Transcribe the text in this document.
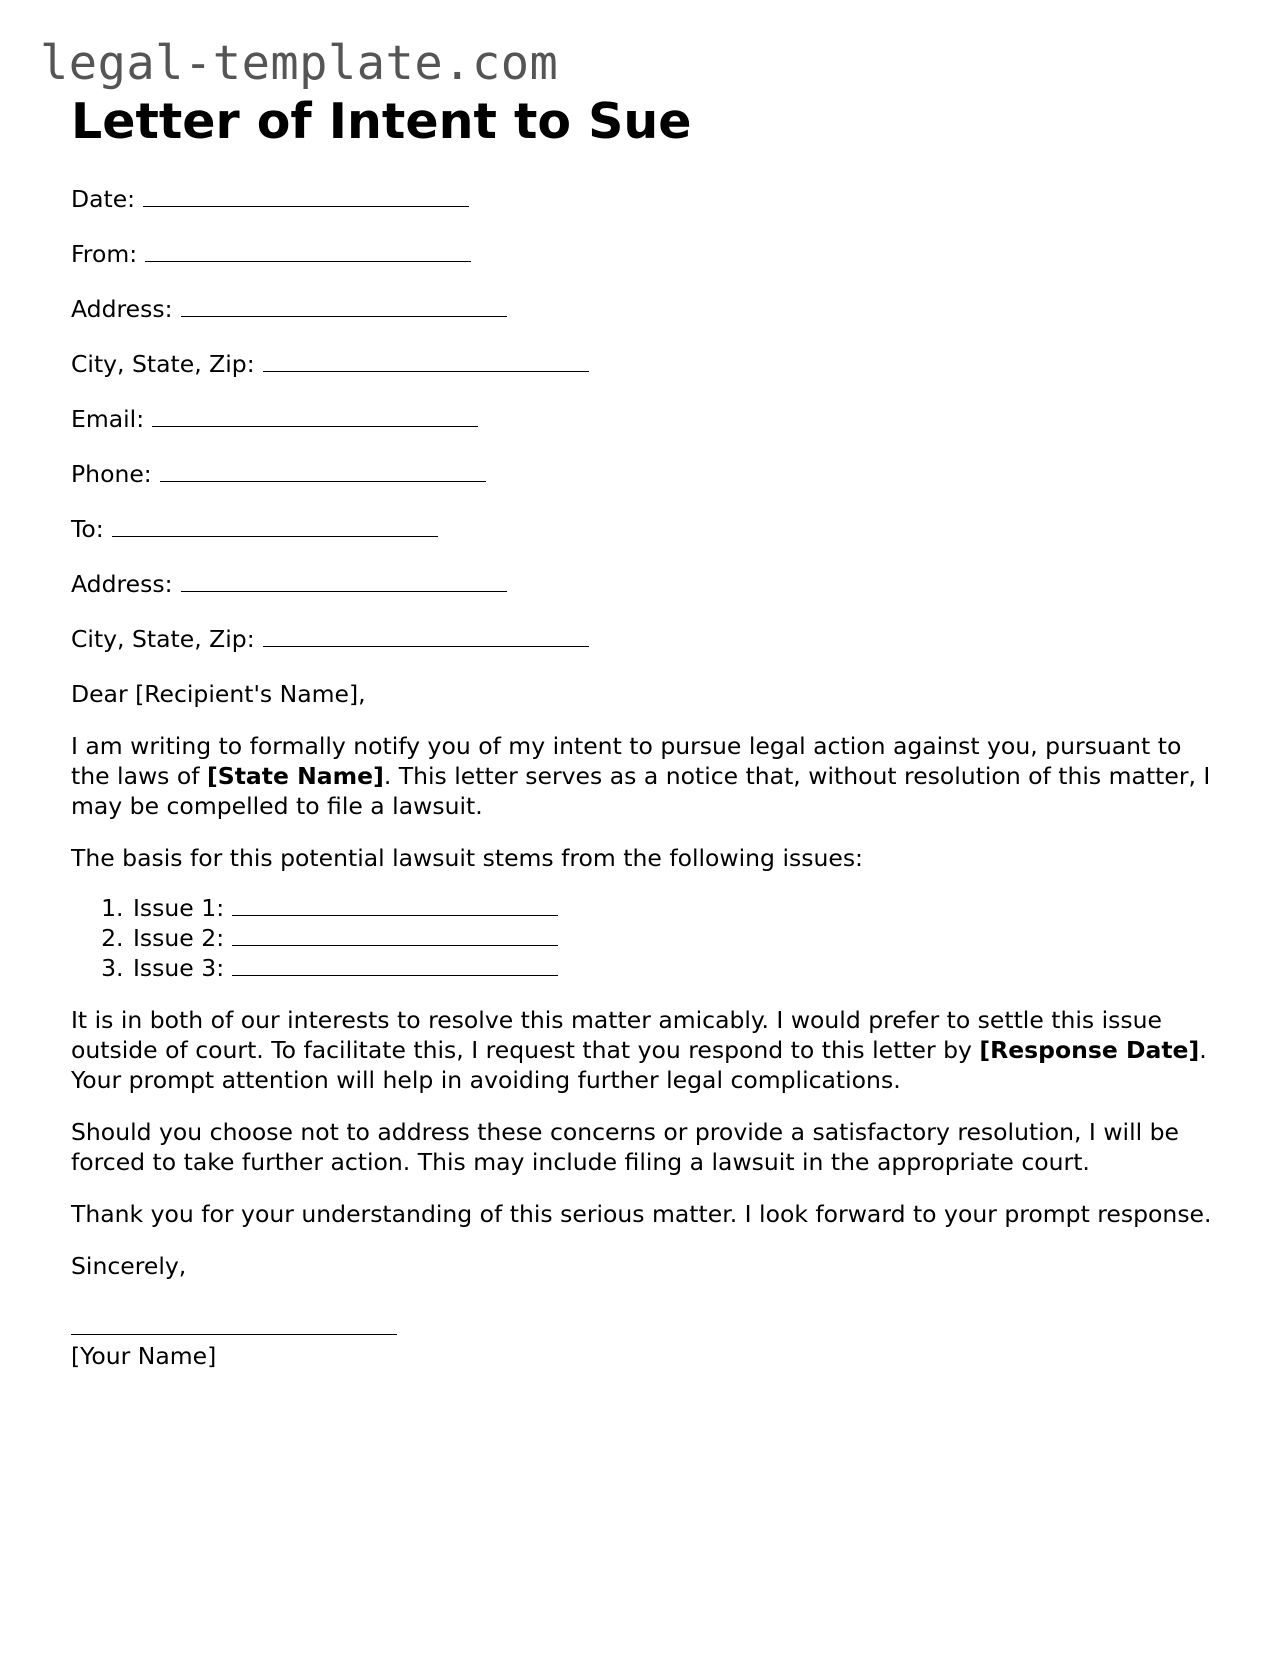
legal-template.com
Letter of Intent to Sue
Date:
From:
Address:
City, State, Zip:
Email:
Phone:
To:
Address:
City, State, Zip:

Dear [Recipient's Name],

I am writing to formally notify you of my intent to pursue legal action against you, pursuant to the laws of [State Name]. This letter serves as a notice that, without resolution of this matter, I may be compelled to file a lawsuit.

The basis for this potential lawsuit stems from the following issues:

1. Issue 1:
2. Issue 2:
3. Issue 3:

It is in both of our interests to resolve this matter amicably. I would prefer to settle this issue outside of court. To facilitate this, I request that you respond to this letter by [Response Date]. Your prompt attention will help in avoiding further legal complications.

Should you choose not to address these concerns or provide a satisfactory resolution, I will be forced to take further action. This may include filing a lawsuit in the appropriate court.

Thank you for your understanding of this serious matter. I look forward to your prompt response.

Sincerely,

[Your Name]
